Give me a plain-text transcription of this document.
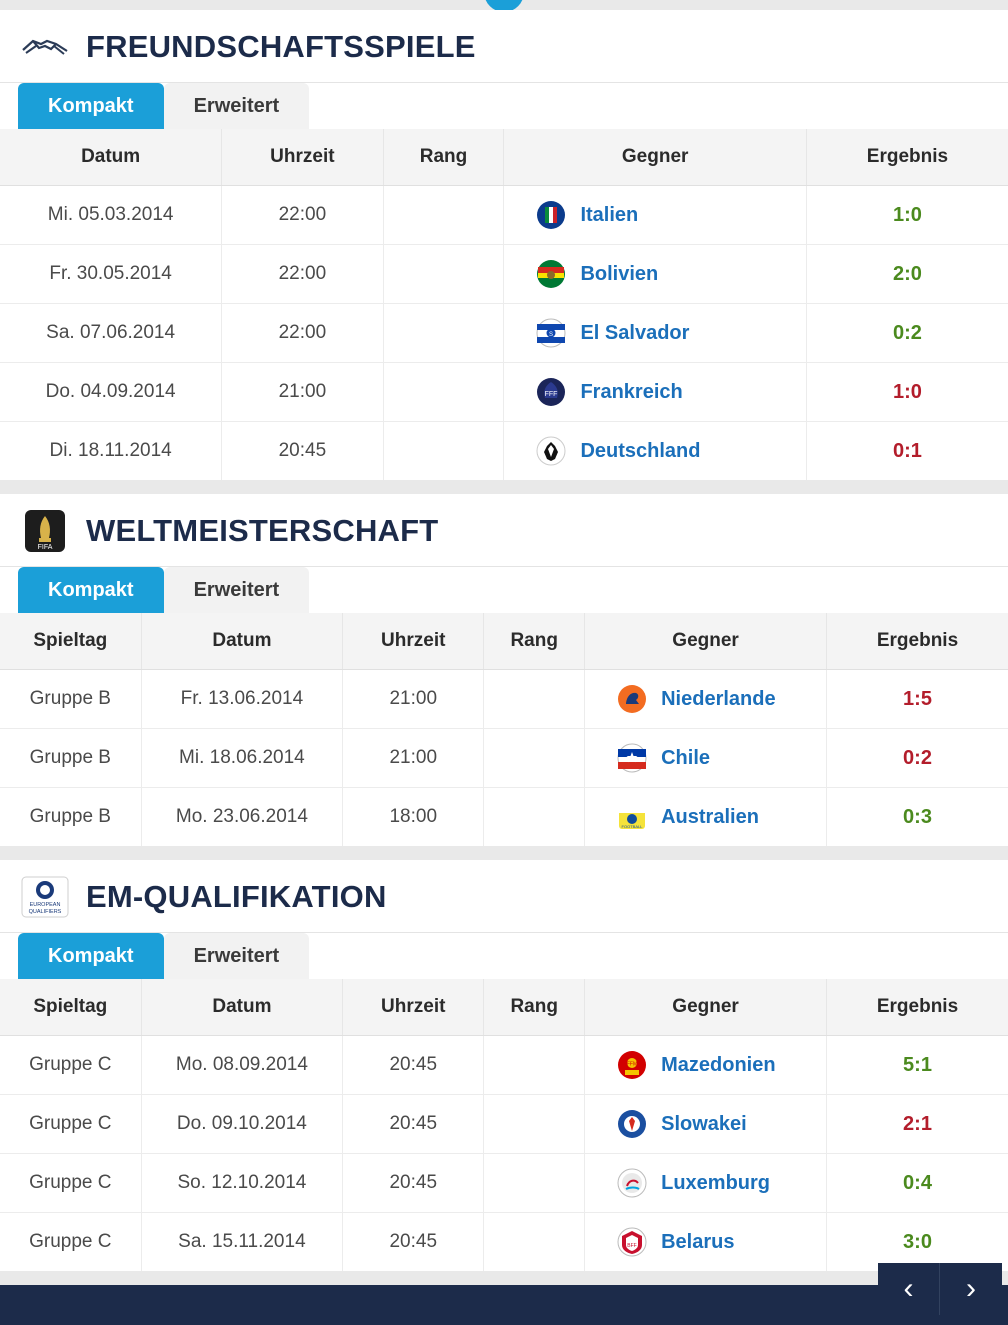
FREUNDSCHAFTSSPIELE
Kompakt	Erweitert
Datum	Uhrzeit	Rang	Gegner	Ergebnis
Mi. 05.03.2014	22:00		Italien	1:0
Fr. 30.05.2014	22:00		Bolivien	2:0
Sa. 07.06.2014	22:00		S El Salvador	0:2
Do. 04.09.2014	21:00		FFF Frankreich	1:0
Di. 18.11.2014	20:45		Deutschland	0:1
FIFA WELTMEISTERSCHAFT
Kompakt	Erweitert
Spieltag	Datum	Uhrzeit	Rang	Gegner	Ergebnis
Gruppe B	Fr. 13.06.2014	21:00		Niederlande	1:5
Gruppe B	Mi. 18.06.2014	21:00		Chile	0:2
Gruppe B	Mo. 23.06.2014	18:00		FOOTBALL Australien	0:3
EUROPEAN
QUALIFIERS EM-QUALIFIKATION
Kompakt	Erweitert
Spieltag	Datum	Uhrzeit	Rang	Gegner	Ergebnis
Gruppe C	Mo. 08.09.2014	20:45		FFM Mazedonien	5:1
Gruppe C	Do. 09.10.2014	20:45		Slowakei	2:1
Gruppe C	So. 12.10.2014	20:45		Luxemburg	0:4
Gruppe C	Sa. 15.11.2014	20:45		BFF Belarus	3:0
‹	›
